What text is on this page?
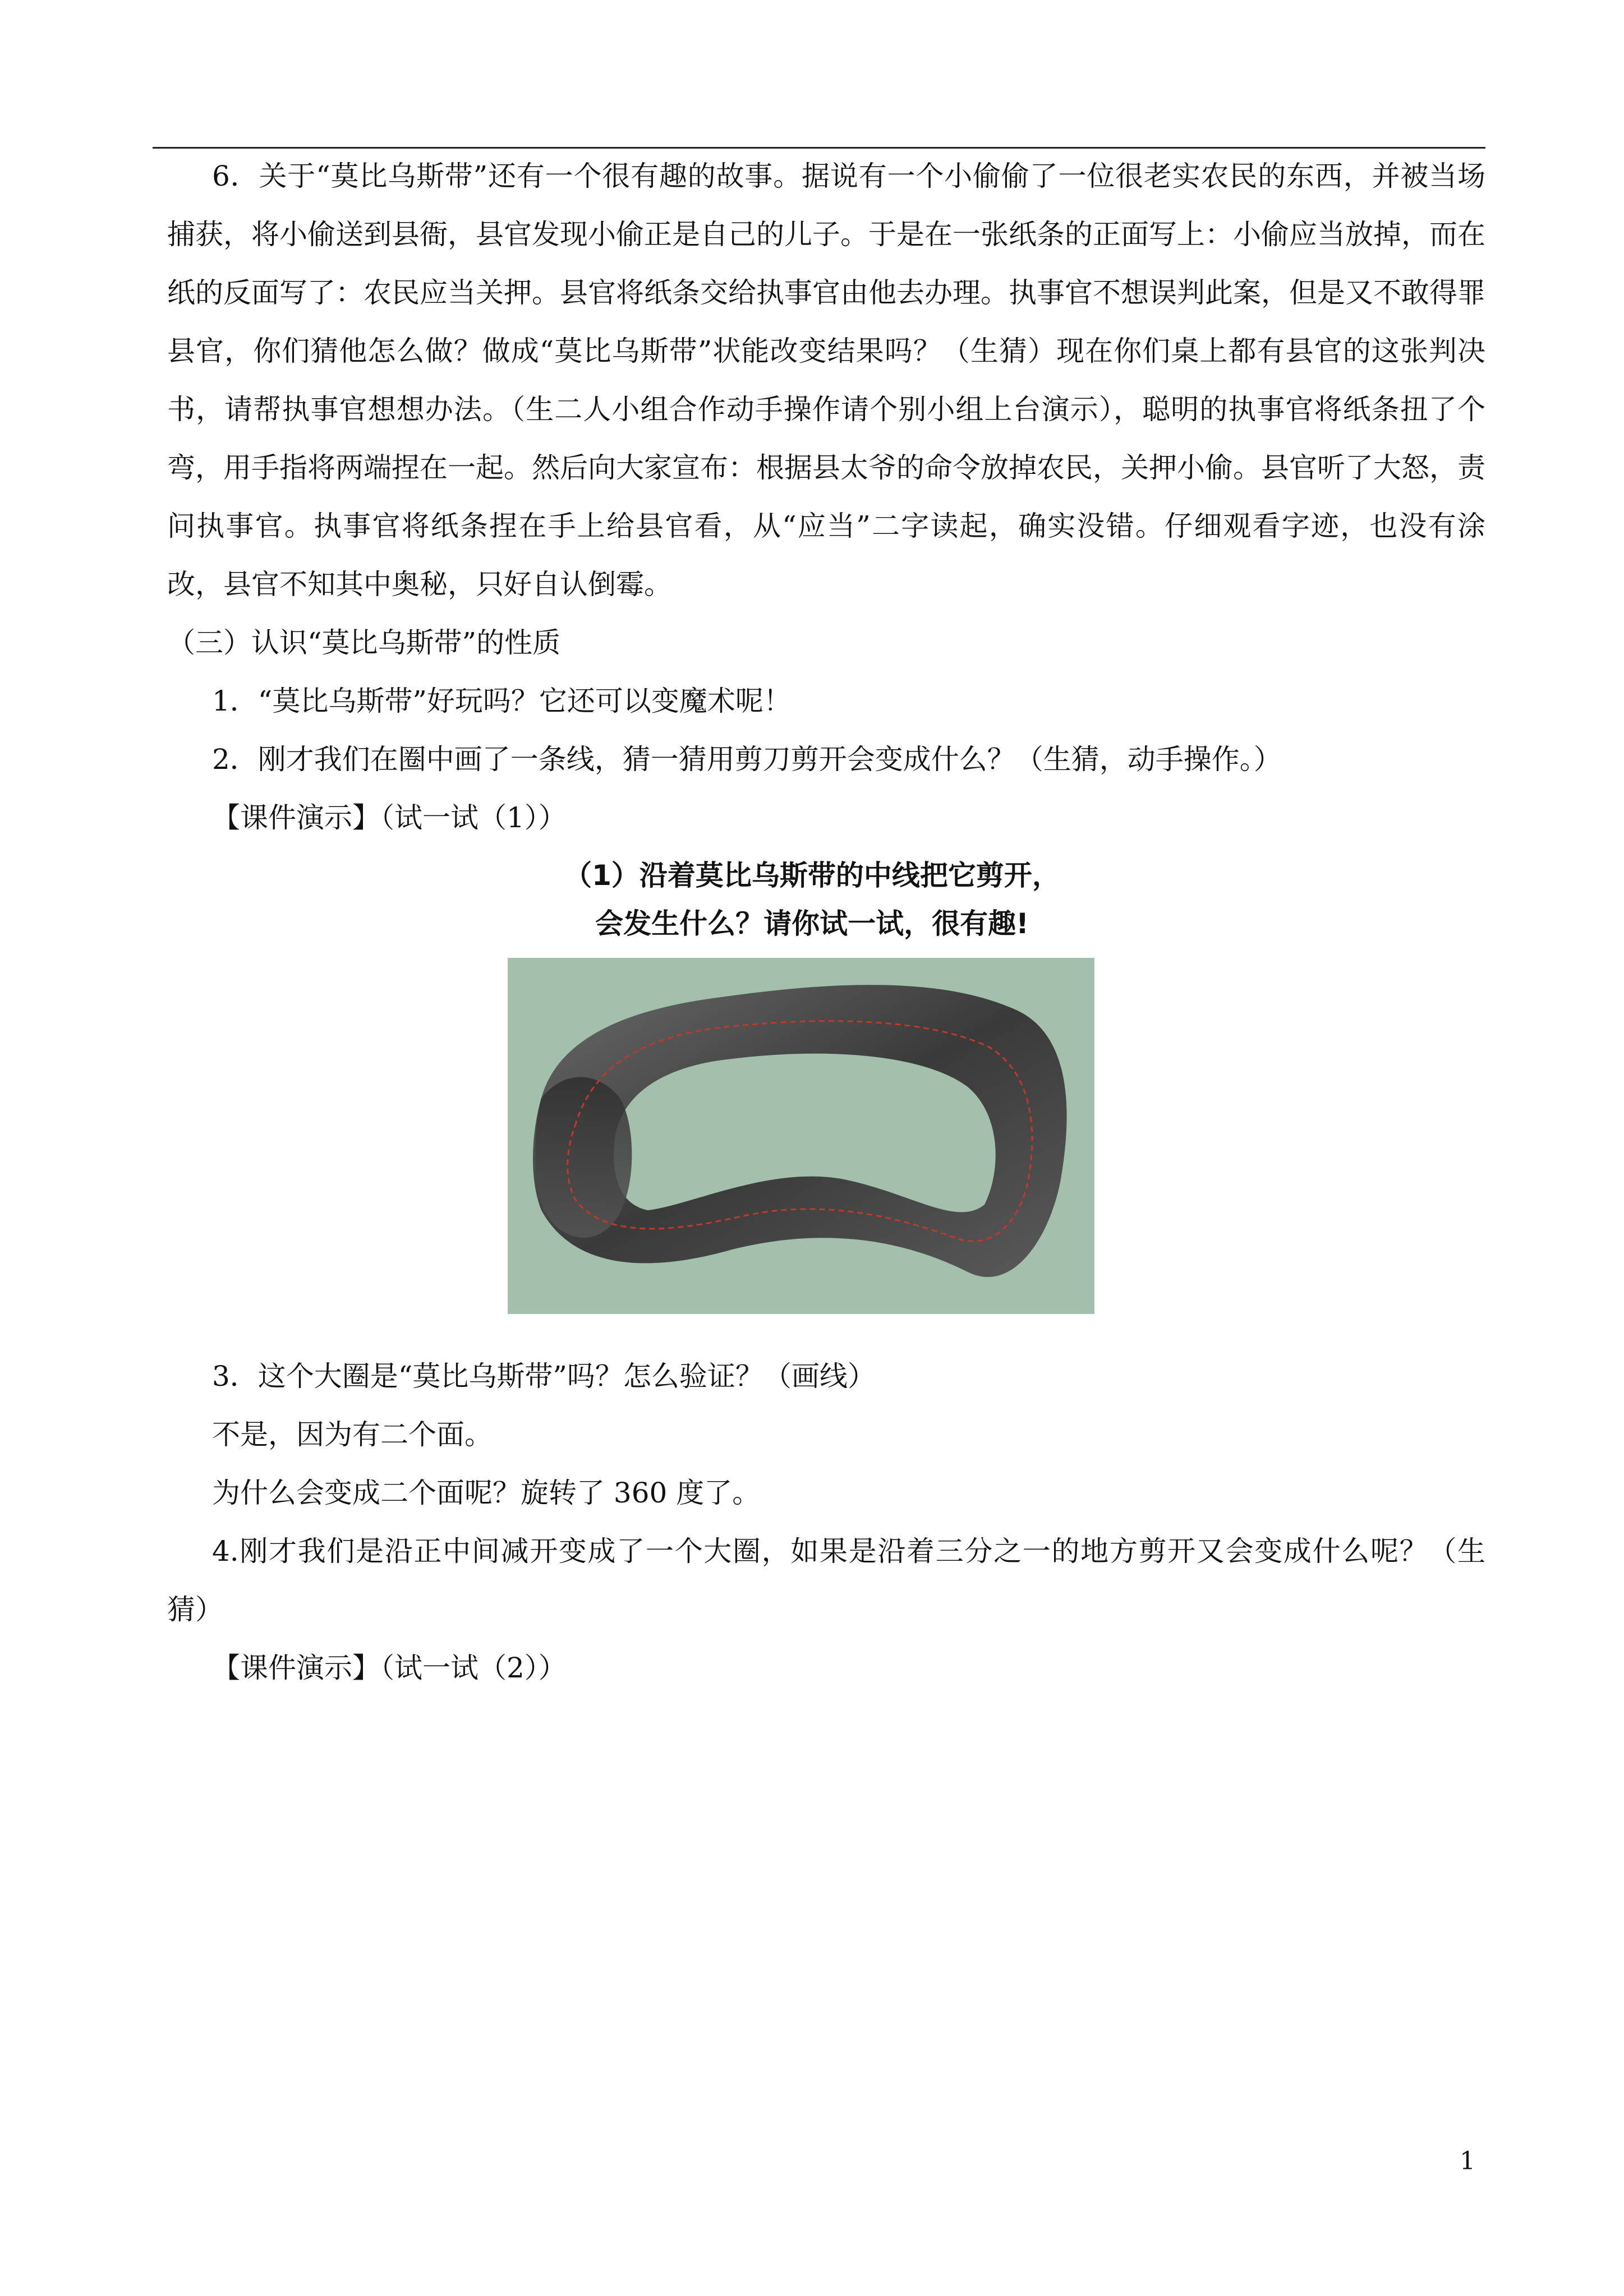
6．关于“莫比乌斯带”还有一个很有趣的故事。据说有一个小偷偷了一位很老实农民的东西，并被当场捕获，将小偷送到县衙，县官发现小偷正是自己的儿子。于是在一张纸条的正面写上：小偷应当放掉，而在纸的反面写了：农民应当关押。县官将纸条交给执事官由他去办理。执事官不想误判此案，但是又不敢得罪县官，你们猜他怎么做？做成“莫比乌斯带”状能改变结果吗？（生猜）现在你们桌上都有县官的这张判决书，请帮执事官想想办法。（生二人小组合作动手操作请个别小组上台演示），聪明的执事官将纸条扭了个弯，用手指将两端捏在一起。然后向大家宣布：根据县太爷的命令放掉农民，关押小偷。县官听了大怒，责问执事官。执事官将纸条捏在手上给县官看，从“应当”二字读起，确实没错。仔细观看字迹，也没有涂改，县官不知其中奥秘，只好自认倒霉。

（三）认识“莫比乌斯带”的性质

1．“莫比乌斯带”好玩吗？它还可以变魔术呢！

2．刚才我们在圈中画了一条线，猜一猜用剪刀剪开会变成什么？（生猜，动手操作。）

【课件演示】（试一试（1））

（1）沿着莫比乌斯带的中线把它剪开，
会发生什么？请你试一试，很有趣!

3．这个大圈是“莫比乌斯带”吗？怎么验证？（画线）

不是，因为有二个面。

为什么会变成二个面呢？旋转了 360 度了。

4.刚才我们是沿正中间减开变成了一个大圈，如果是沿着三分之一的地方剪开又会变成什么呢？（生猜）

【课件演示】（试一试（2））

1
